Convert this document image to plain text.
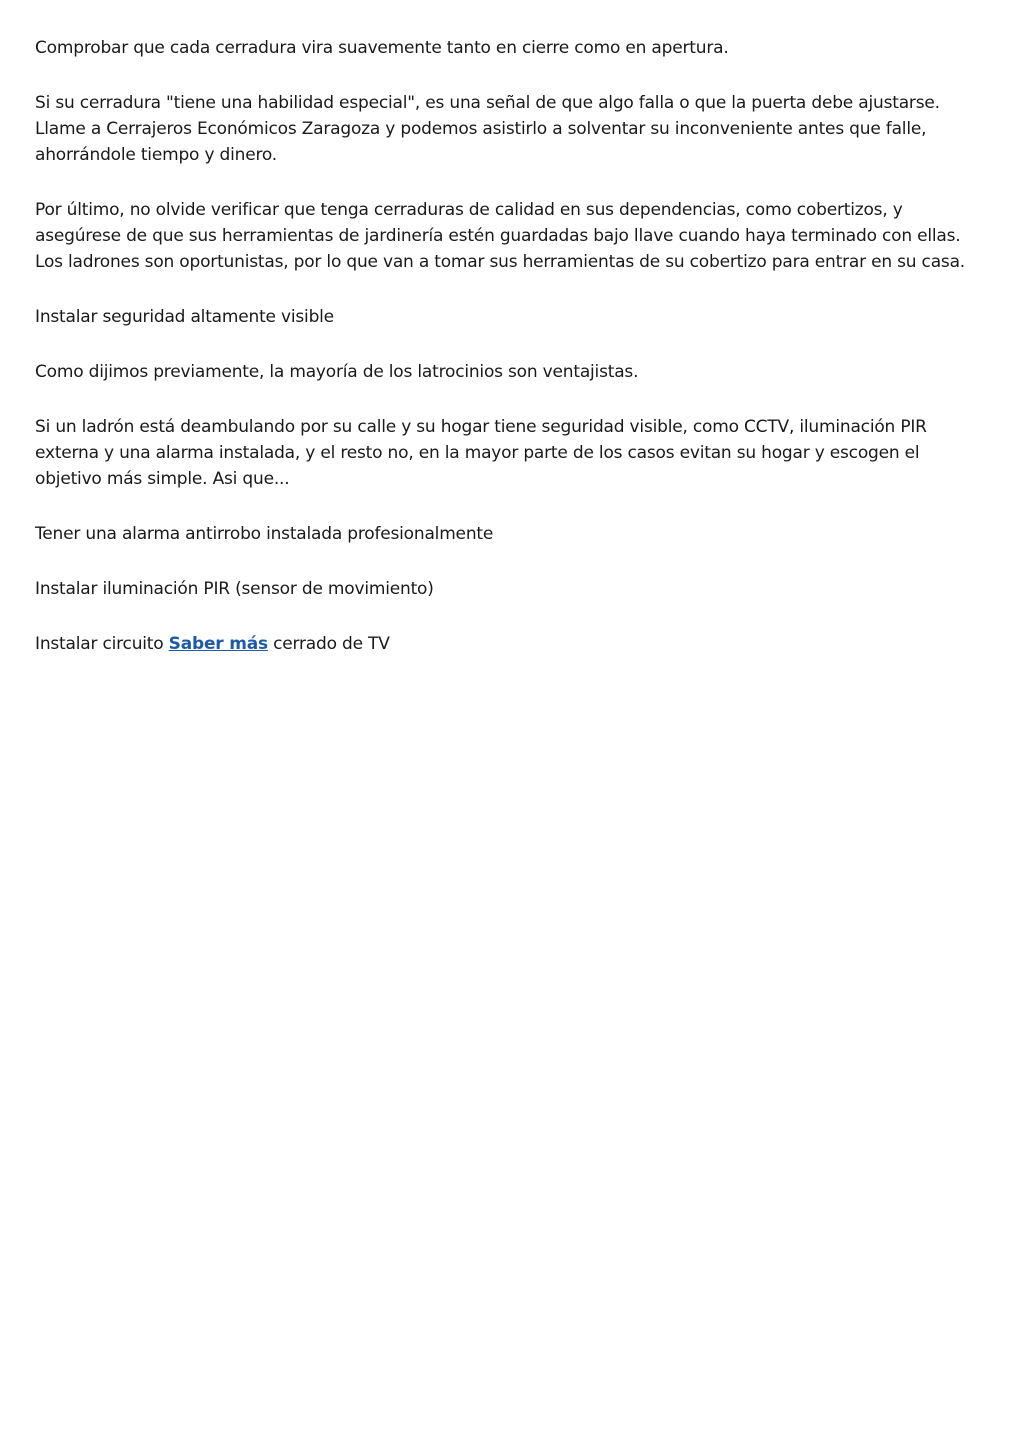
Comprobar que cada cerradura vira suavemente tanto en cierre como en apertura.

Si su cerradura "tiene una habilidad especial", es una señal de que algo falla o que la puerta debe ajustarse. Llame a Cerrajeros Económicos Zaragoza y podemos asistirlo a solventar su inconveniente antes que falle, ahorrándole tiempo y dinero.

Por último, no olvide verificar que tenga cerraduras de calidad en sus dependencias, como cobertizos, y asegúrese de que sus herramientas de jardinería estén guardadas bajo llave cuando haya terminado con ellas. Los ladrones son oportunistas, por lo que van a tomar sus herramientas de su cobertizo para entrar en su casa.

Instalar seguridad altamente visible

Como dijimos previamente, la mayoría de los latrocinios son ventajistas.

Si un ladrón está deambulando por su calle y su hogar tiene seguridad visible, como CCTV, iluminación PIR externa y una alarma instalada, y el resto no, en la mayor parte de los casos evitan su hogar y escogen el objetivo más simple. Asi que...

Tener una alarma antirrobo instalada profesionalmente

Instalar iluminación PIR (sensor de movimiento)

Instalar circuito Saber más cerrado de TV
